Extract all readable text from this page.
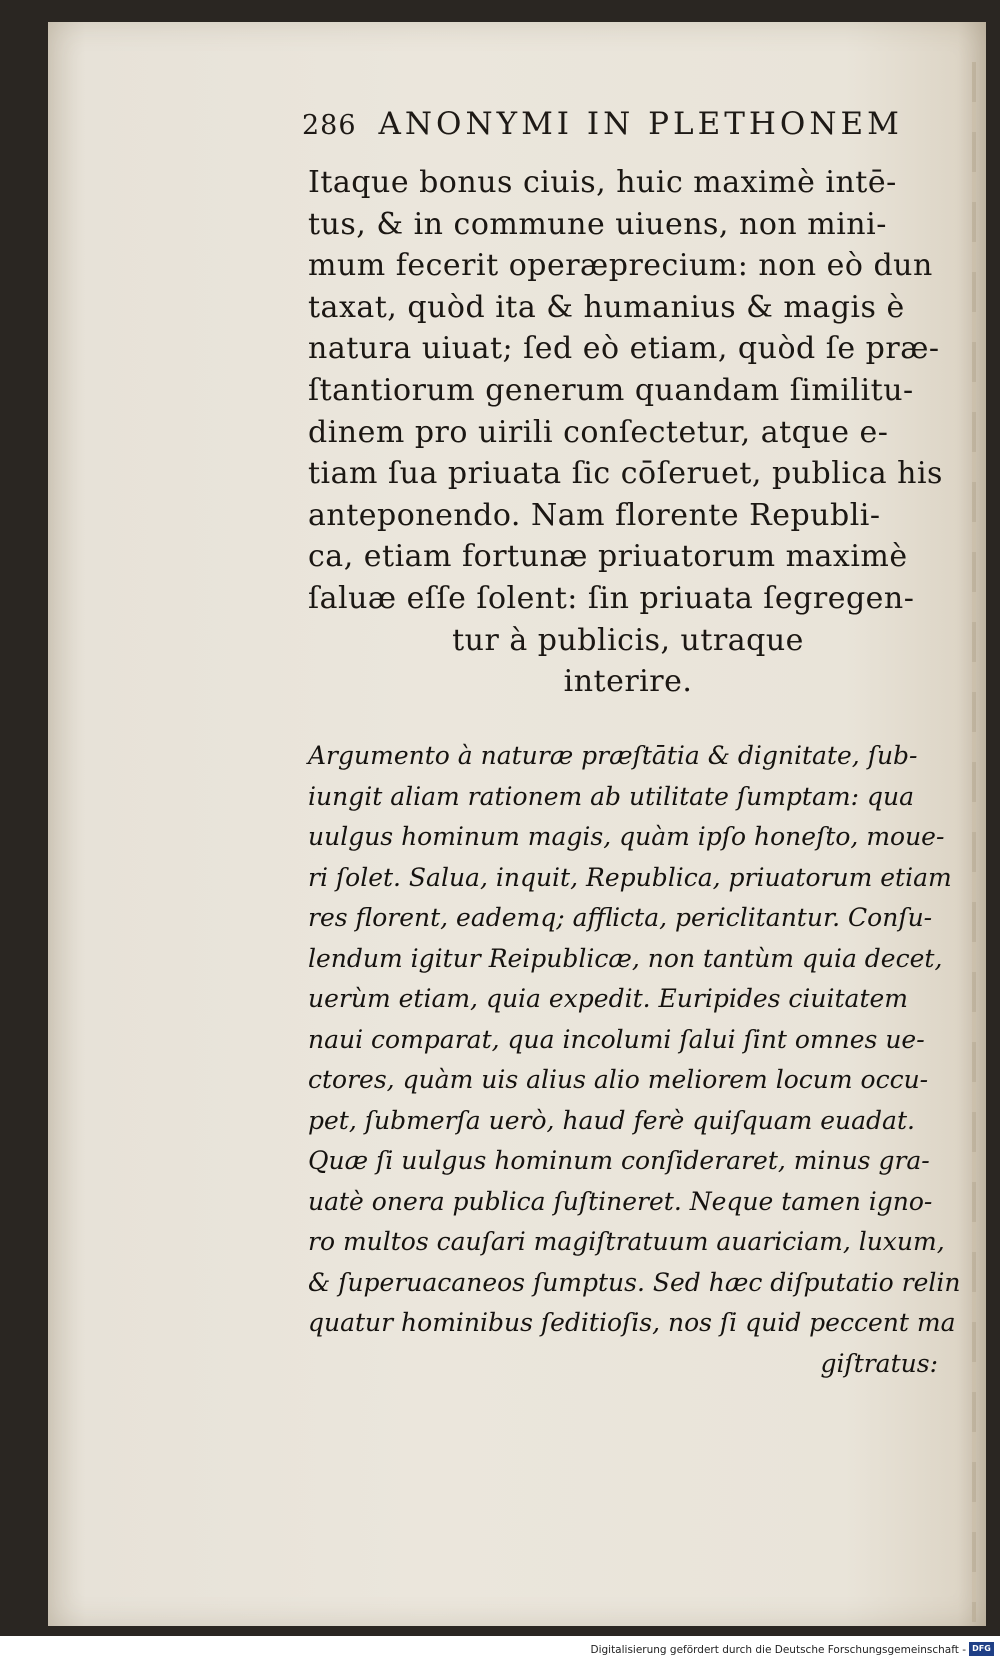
286 ANONYMI IN PLETHONEM
Itaque bonus ciuis, huic maximè intē-
tus, & in commune uiuens, non mini-
mum fecerit operæprecium: non eò dun
taxat, quòd ita & humanius & magis è
natura uiuat; ſed eò etiam, quòd ſe præ-
ſtantiorum generum quandam ſimilitu-
dinem pro uirili conſectetur, atque e-
tiam ſua priuata ſic cōſeruet, publica his
anteponendo. Nam florente Republi-
ca, etiam fortunæ priuatorum maximè
ſaluæ eſſe ſolent: ſin priuata ſegregen-
tur à publicis, utraque
interire.
Argumento à naturæ præſtātia & dignitate, ſub-
iungit aliam rationem ab utilitate ſumptam: qua
uulgus hominum magis, quàm ipſo honeſto, moue-
ri ſolet. Salua, inquit, Republica, priuatorum etiam
res florent, eademq; afflicta, periclitantur. Conſu-
lendum igitur Reipublicæ, non tantùm quia decet,
uerùm etiam, quia expedit. Euripides ciuitatem
naui comparat, qua incolumi ſalui ſint omnes ue-
ctores, quàm uis alius alio meliorem locum occu-
pet, ſubmerſa uerò, haud ferè quiſquam euadat.
Quæ ſi uulgus hominum conſideraret, minus gra-
uatè onera publica ſuſtineret. Neque tamen igno-
ro multos cauſari magiſtratuum auariciam, luxum,
& ſuperuacaneos ſumptus. Sed hæc diſputatio relin
quatur hominibus ſeditioſis, nos ſi quid peccent ma
giſtratus:
Digitalisierung gefördert durch die Deutsche Forschungsgemeinschaft - DFG
